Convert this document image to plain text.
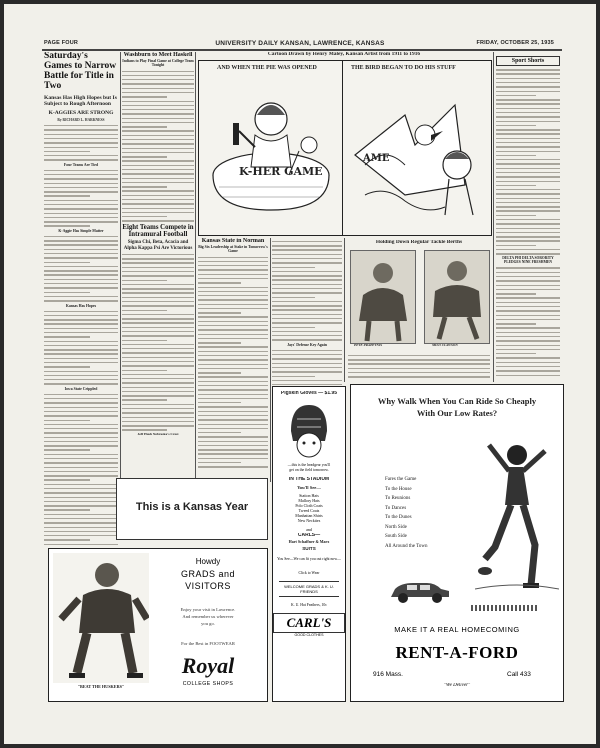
PAGE FOUR	UNIVERSITY DAILY KANSAN, LAWRENCE, KANSAS	FRIDAY, OCTOBER 25, 1935
Saturday's Games to Narrow Battle for Title in Two
Kansas Has High Hopes but Is Subject to Rough Afternoon
K-AGGIES ARE STRONG
By RICHARD L. HARKNESS
Four Teams Are Tied
K-Aggie Has Simple Matter
Kansas Has Hopes
Iowa State Crippled
Washburn to Meet Haskell
Indians to Play Final Game at College Team Tonight
Eight Teams Compete in Intramural Football
Sigma Chi, Beta, Acacia and Alpha Kappa Psi Are Victorious
Jeff Hush Nebraska's Crest
Cartoon Drawn by Henry Maley, Kansan Artist from 1911 to 1916
AND WHEN THE PIE WAS OPENED	THE BIRD BEGAN TO DO HIS STUFF
K-HER GAME
AME
Sport Shorts
DELTA PHI DELTA SORORITY PLEDGES NINE FRESHMEN
Kansas State in Norman
Big Six Leadership at Stake in Tomorrow's Game
Jays' Defense Key Again
Holding Down Regular Tackle Berths
PETE PRAPETNIS	MILO CLAWSON
This is a Kansas Year
"BEAT THE HUSKERS"
Howdy
GRADS and
VISITORS
Enjoy your visit in Lawrence.
And remember us wherever
you go.
For the Best in FOOTWEAR
Royal
COLLEGE SHOPS
Pigskin Gloves — $1.95
—this is the headgear you'll
get on the field tomorrow.
IN THE STADIUM
You'll See—
Station Hats
Mallory Hats
Polo Cloth Coats
Tweed Coats
Manhattan Shirts
New Neckties
and
CARLS—
Hart Schaffner & Marx
SUITS
You See—We can fit you out right now—
Click to Wear
WELCOME GRADS & K. U. FRIENDS
K. U. Hat Feathers, 10c
CARL'S
GOOD CLOTHES
Why Walk When You Can Ride So Cheaply
With Our Low Rates?
Fares the Game
To the House
To Reunions
To Dances
To the Dunes
North Side
South Side
All Around the Town
MAKE IT A REAL HOMECOMING
RENT-A-FORD
916 Mass.	Call 433
"We Deliver"
